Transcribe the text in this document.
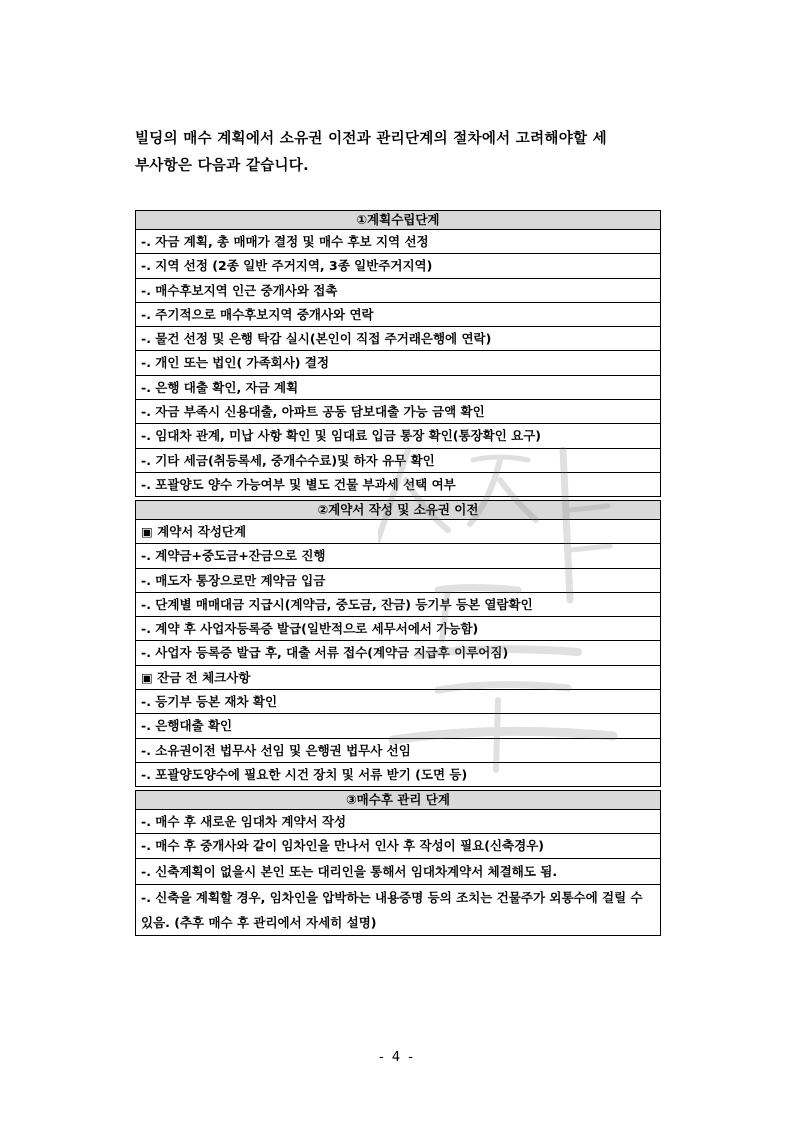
빌딩의 매수 계획에서 소유권 이전과 관리단계의 절차에서 고려해야할 세
부사항은 다음과 같습니다.
①계획수립단계
-. 자금 계획, 총 매매가 결정 및 매수 후보 지역 선정
-. 지역 선정 (2종 일반 주거지역, 3종 일반주거지역)
-. 매수후보지역 인근 중개사와 접촉
-. 주기적으로 매수후보지역 중개사와 연락
-. 물건 선정 및 은행 탁감 실시(본인이 직접 주거래은행에 연락)
-. 개인 또는 법인( 가족회사) 결정
-. 은행 대출 확인, 자금 계획
-. 자금 부족시 신용대출, 아파트 공동 담보대출 가능 금액 확인
-. 임대차 관계, 미납 사항 확인 및 임대료 입금 통장 확인(통장확인 요구)
-. 기타 세금(취등록세, 중개수수료)및 하자 유무 확인
-. 포괄양도 양수 가능여부 및 별도 건물 부과세 선택 여부
②계약서 작성 및 소유권 이전
▣ 계약서 작성단계
-. 계약금+중도금+잔금으로 진행
-. 매도자 통장으로만 계약금 입금
-. 단계별 매매대금 지급시(계약금, 중도금, 잔금) 등기부 등본 열람확인
-. 계약 후 사업자등록증 발급(일반적으로 세무서에서 가능함)
-. 사업자 등록증 발급 후, 대출 서류 접수(계약금 지급후 이루어짐)
▣ 잔금 전 체크사항
-. 등기부 등본 재차 확인
-. 은행대출 확인
-. 소유권이전 법무사 선임 및 은행권 법무사 선임
-. 포괄양도양수에 필요한 시건 장치 및 서류 받기 (도면 등)
③매수후 관리 단계
-. 매수 후 새로운 임대차 계약서 작성
-. 매수 후 중개사와 같이 임차인을 만나서 인사 후 작성이 필요(신축경우)
-. 신축계획이 없을시 본인 또는 대리인을 통해서 임대차계약서 체결해도 됨.
-. 신축을 계획할 경우, 임차인을 압박하는 내용증명 등의 조치는 건물주가 외통수에 걸릴 수 있음. (추후 매수 후 관리에서 자세히 설명)
- 4 -
